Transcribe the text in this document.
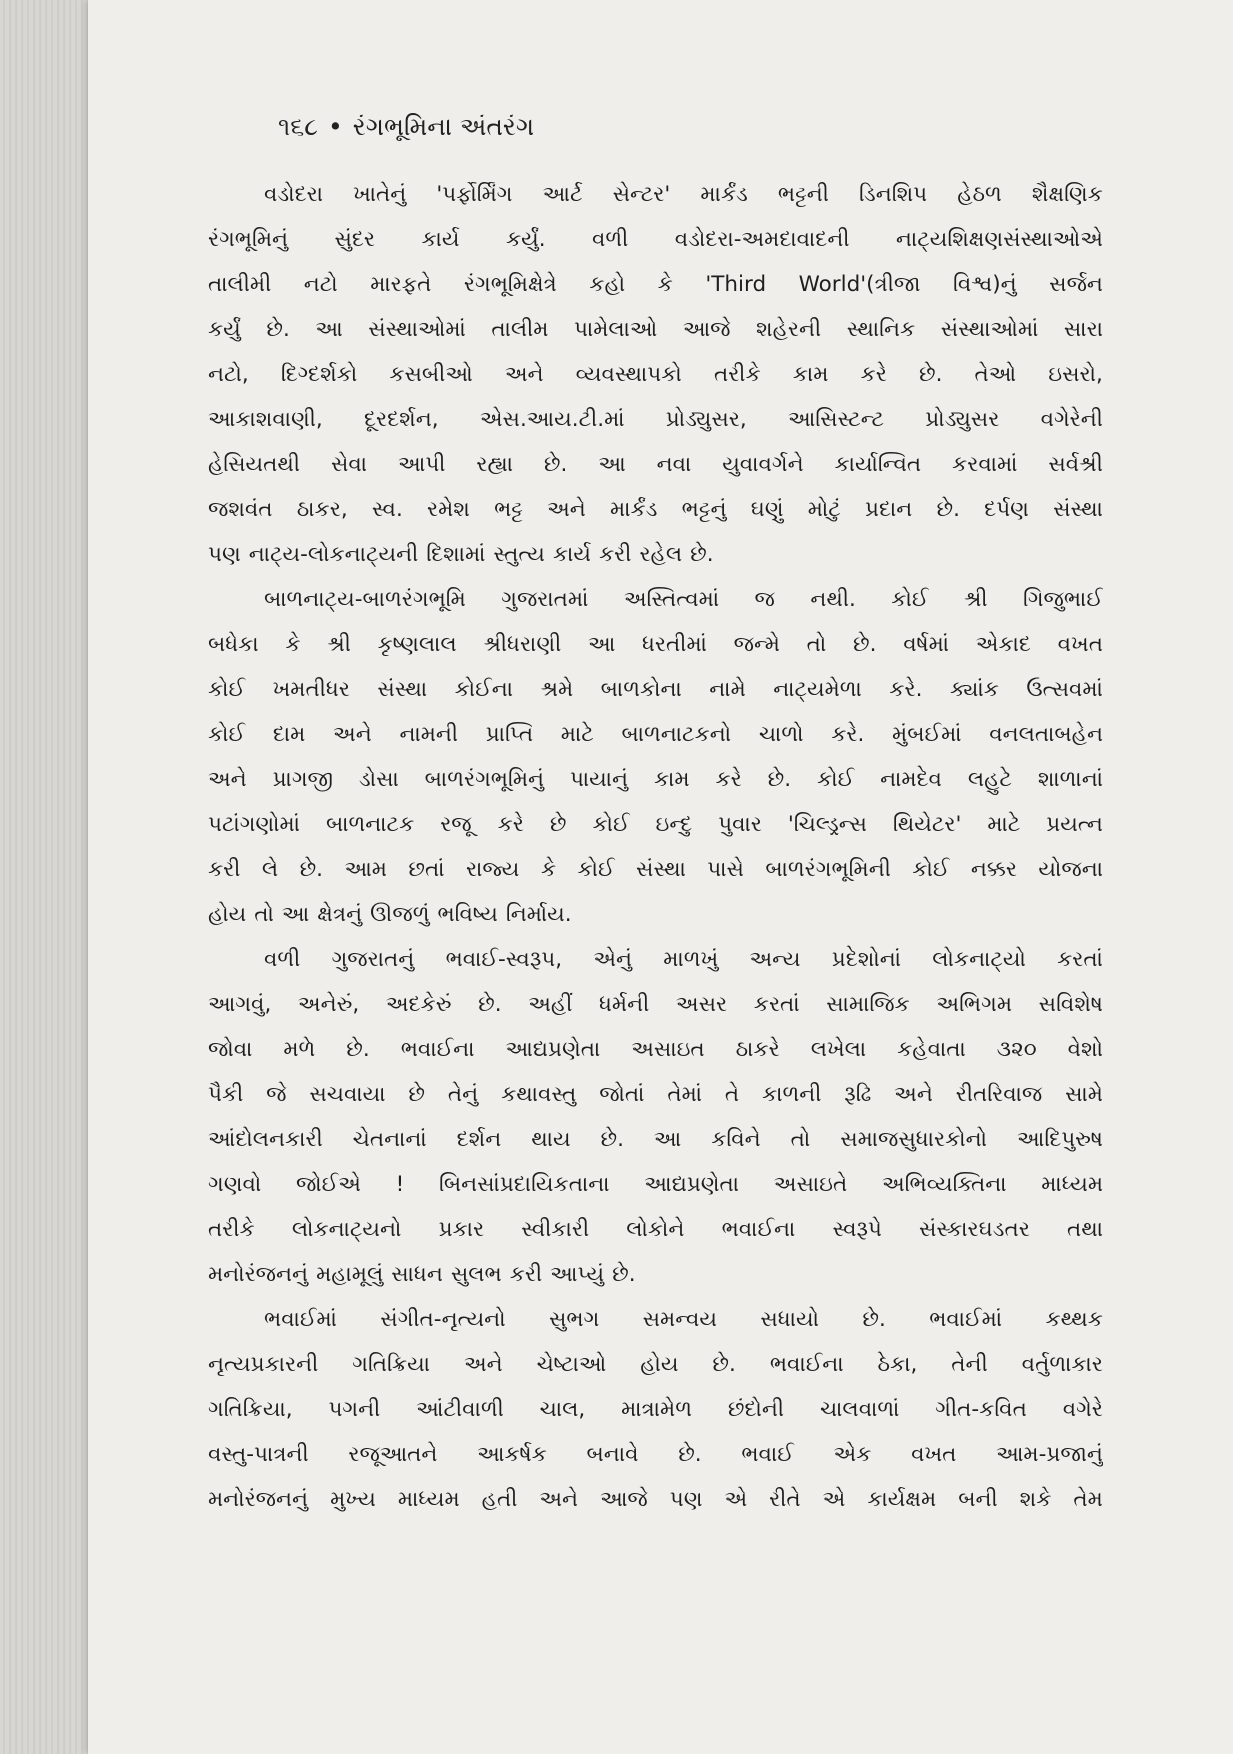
૧૬૮ • રંગભૂમિના અંતરંગ
વડોદરા ખાતેનું 'પર્ફોર્મિંગ આર્ટ સેન્ટર' માર્કંડ ભટ્ટની ડિનશિપ હેઠળ શૈક્ષણિક
રંગભૂમિનું સુંદર કાર્ય કર્યું. વળી વડોદરા-અમદાવાદની નાટ્યશિક્ષણસંસ્થાઓએ
તાલીમી નટો મારફતે રંગભૂમિક્ષેત્રે કહો કે 'Third World'(ત્રીજા વિશ્વ)નું સર્જન
કર્યું છે. આ સંસ્થાઓમાં તાલીમ પામેલાઓ આજે શહેરની સ્થાનિક સંસ્થાઓમાં સારા
નટો, દિગ્દર્શકો કસબીઓ અને વ્યવસ્થાપકો તરીકે કામ કરે છે. તેઓ ઇસરો,
આકાશવાણી, દૂરદર્શન, એસ.આય.ટી.માં પ્રોડ્યુસર, આસિસ્ટન્ટ પ્રોડ્યુસર વગેરેની
હેસિયતથી સેવા આપી રહ્યા છે. આ નવા યુવાવર્ગને કાર્યાન્વિત કરવામાં સર્વશ્રી
જશવંત ઠાકર, સ્વ. રમેશ ભટ્ટ અને માર્કંડ ભટ્ટનું ઘણું મોટું પ્રદાન છે. દર્પણ સંસ્થા
પણ નાટ્ય-લોકનાટ્યની દિશામાં સ્તુત્ય કાર્ય કરી રહેલ છે.
બાળનાટ્ય-બાળરંગભૂમિ ગુજરાતમાં અસ્તિત્વમાં જ નથી. કોઈ શ્રી ગિજુભાઈ
બધેકા કે શ્રી કૃષ્ણલાલ શ્રીધરાણી આ ધરતીમાં જન્મે તો છે. વર્ષમાં એકાદ વખત
કોઈ ખમતીધર સંસ્થા કોઈના શ્રમે બાળકોના નામે નાટ્યમેળા કરે. ક્યાંક ઉત્સવમાં
કોઈ દામ અને નામની પ્રાપ્તિ માટે બાળનાટકનો ચાળો કરે. મુંબઈમાં વનલતાબહેન
અને પ્રાગજી ડોસા બાળરંગભૂમિનું પાયાનું કામ કરે છે. કોઈ નામદેવ લહુટે શાળાનાં
પટાંગણોમાં બાળનાટક રજૂ કરે છે કોઈ ઇન્દુ પુવાર 'ચિલ્ડ્રન્સ થિયેટર' માટે પ્રયત્ન
કરી લે છે. આમ છતાં રાજ્ય કે કોઈ સંસ્થા પાસે બાળરંગભૂમિની કોઈ નક્કર યોજના
હોય તો આ ક્ષેત્રનું ઊજળું ભવિષ્ય નિર્માય.
વળી ગુજરાતનું ભવાઈ-સ્વરૂપ, એનું માળખું અન્ય પ્રદેશોનાં લોકનાટ્યો કરતાં
આગવું, અનેરું, અદકેરું છે. અહીં ધર્મની અસર કરતાં સામાજિક અભિગમ સવિશેષ
જોવા મળે છે. ભવાઈના આદ્યપ્રણેતા અસાઇત ઠાકરે લખેલા કહેવાતા ૩૨૦ વેશો
પૈકી જે સચવાયા છે તેનું કથાવસ્તુ જોતાં તેમાં તે કાળની રૂઢિ અને રીતરિવાજ સામે
આંદોલનકારી ચેતનાનાં દર્શન થાય છે. આ કવિને તો સમાજસુધારકોનો આદિપુરુષ
ગણવો જોઈએ ! બિનસાંપ્રદાયિકતાના આદ્યપ્રણેતા અસાઇતે અભિવ્યક્તિના માધ્યમ
તરીકે લોકનાટ્યનો પ્રકાર સ્વીકારી લોકોને ભવાઈના સ્વરૂપે સંસ્કારઘડતર તથા
મનોરંજનનું મહામૂલું સાધન સુલભ કરી આપ્યું છે.
ભવાઈમાં સંગીત-નૃત્યનો સુભગ સમન્વય સધાયો છે. ભવાઈમાં કથ્થક
નૃત્યપ્રકારની ગતિક્રિયા અને ચેષ્ટાઓ હોય છે. ભવાઈના ઠેકા, તેની વર્તુળાકાર
ગતિક્રિયા, પગની આંટીવાળી ચાલ, માત્રામેળ છંદોની ચાલવાળાં ગીત-કવિત વગેરે
વસ્તુ-પાત્રની રજૂઆતને આકર્ષક બનાવે છે. ભવાઈ એક વખત આમ-પ્રજાનું
મનોરંજનનું મુખ્ય માધ્યમ હતી અને આજે પણ એ રીતે એ કાર્યક્ષમ બની શકે તેમ
